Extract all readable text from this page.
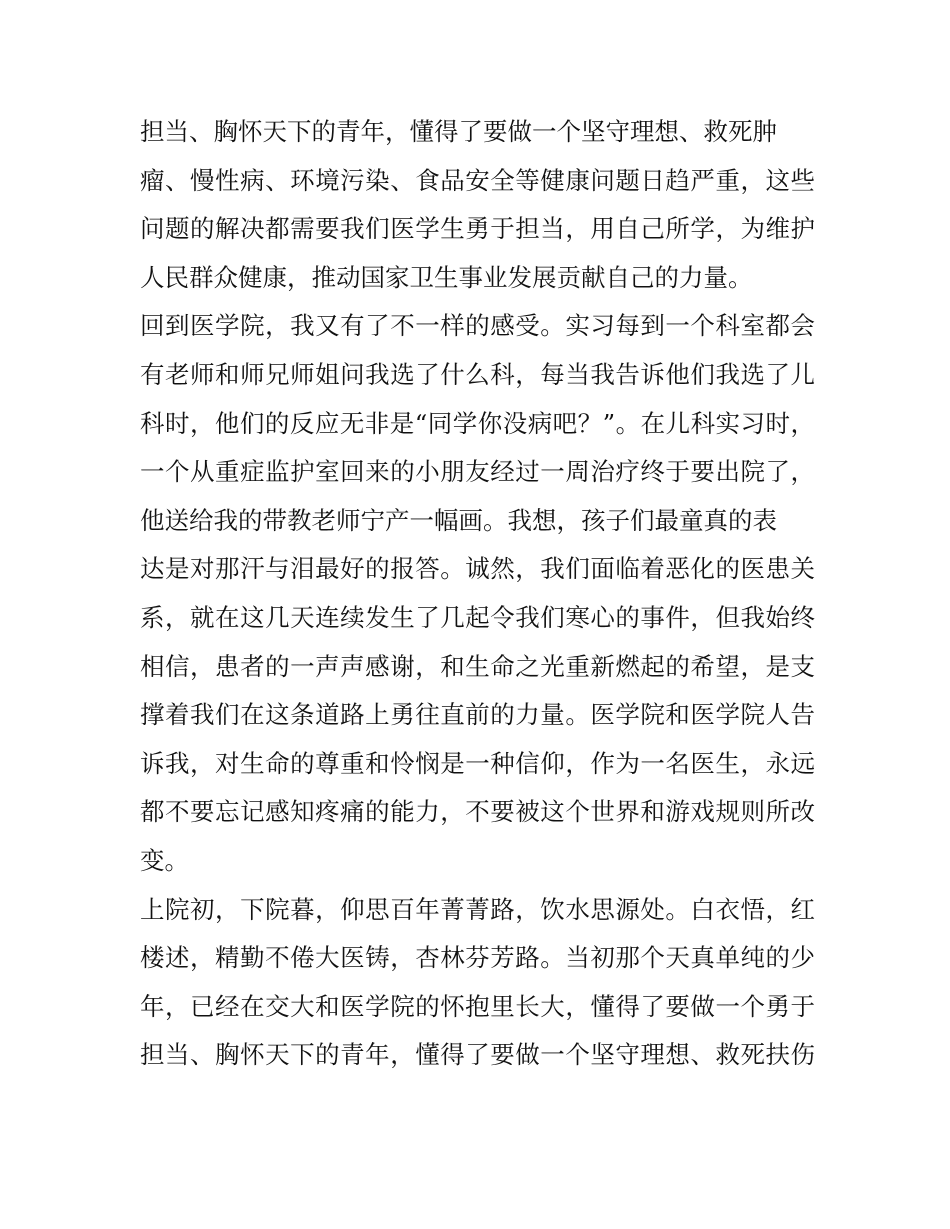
担当、胸怀天下的青年，懂得了要做一个坚守理想、救死肿
瘤、慢性病、环境污染、食品安全等健康问题日趋严重，这些
问题的解决都需要我们医学生勇于担当，用自己所学，为维护
人民群众健康，推动国家卫生事业发展贡献自己的力量。
回到医学院，我又有了不一样的感受。实习每到一个科室都会
有老师和师兄师姐问我选了什么科，每当我告诉他们我选了儿
科时，他们的反应无非是“同学你没病吧？”。在儿科实习时，
一个从重症监护室回来的小朋友经过一周治疗终于要出院了，
他送给我的带教老师宁产一幅画。我想，孩子们最童真的表
达是对那汗与泪最好的报答。诚然，我们面临着恶化的医患关
系，就在这几天连续发生了几起令我们寒心的事件，但我始终
相信，患者的一声声感谢，和生命之光重新燃起的希望，是支
撑着我们在这条道路上勇往直前的力量。医学院和医学院人告
诉我，对生命的尊重和怜悯是一种信仰，作为一名医生，永远
都不要忘记感知疼痛的能力，不要被这个世界和游戏规则所改
变。
上院初，下院暮，仰思百年菁菁路，饮水思源处。白衣悟，红
楼述，精勤不倦大医铸，杏林芬芳路。当初那个天真单纯的少
年，已经在交大和医学院的怀抱里长大，懂得了要做一个勇于
担当、胸怀天下的青年，懂得了要做一个坚守理想、救死扶伤
